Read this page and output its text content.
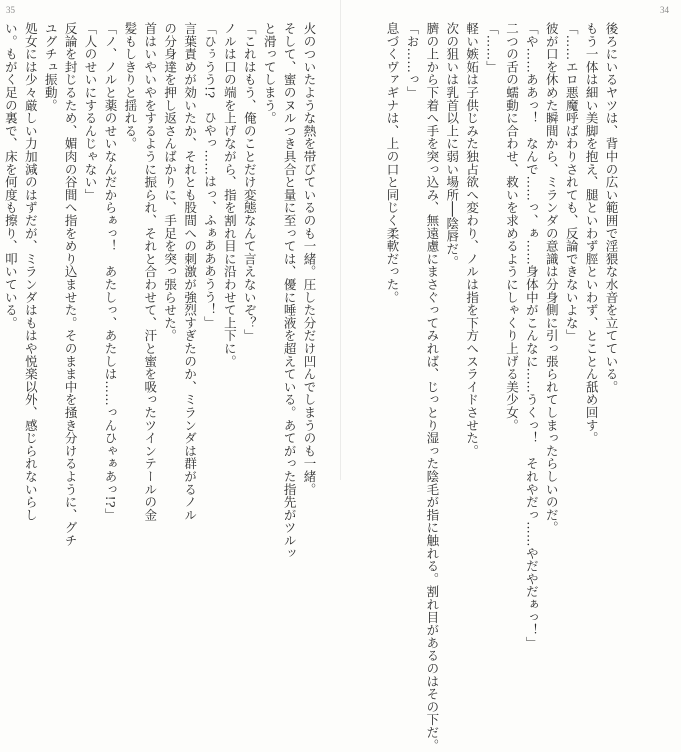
35	34

後ろにいるヤツは、背中の広い範囲で淫猥な水音を立てている。

もう一体は細い美脚を抱え、腿といわず脛といわず、とことん舐め回す。

「……エロ悪魔呼ばわりされても、反論できないよな」

彼が口を休めた瞬間から、ミランダの意識は分身側に引っ張られてしまったらしいのだ。

「や……ああっ！　なんで……っ、ぁ……身体中がこんなに……うくっ！　それやだっ……やだやだぁっ！」

二つの舌の蠕動に合わせ、救いを求めるようにしゃくり上げる美少女。

「……」

軽い嫉妬は子供じみた独占欲へ変わり、ノルは指を下方へスライドさせた。

次の狙いは乳首以上に弱い場所──陰唇だ。

臍の上から下着へ手を突っ込み、無遠慮にまさぐってみれば、じっとり湿った陰毛が指に触れる。割れ目があるのはその下だ。

「お……っ」

息づくヴァギナは、上の口と同じく柔軟だった。

火のついたような熱を帯びているのも一緒。圧した分だけ凹んでしまうのも一緒。

そして、蜜のヌルつき具合と量に至っては、優に唾液を超えている。あてがった指先がツルッ

と滑ってしまう。

「これはもう、俺のことだけ変態なんて言えないぞ？」

ノルは口の端を上げながら、指を割れ目に沿わせて上下に。

「ひぅうう!?　ひやっ……はっ、ふぁあああうう！」

言葉責めが効いたか、それとも股間への刺激が強烈すぎたのか、ミランダは群がるノル

の分身達を押し返さんばかりに、手足を突っ張らせた。

首はいやいやをするように振られ、それと合わせて、汗と蜜を吸ったツインテールの金

髪もしきりと揺れる。

「ノ、ノルと薬のせいなんだからぁっ！　あたしっ、あたしは……っんひゃぁあっ!?」

「人のせいにするんじゃない」

反論を封じるため、媚肉の谷間へ指をめり込ませた。そのまま中を掻き分けるように、グチ

ユグチュ振動。

処女には少々厳しい力加減のはずだが、ミランダはもはや悦楽以外、感じられないらし

い。もがく足の裏で、床を何度も擦り、叩いている。
